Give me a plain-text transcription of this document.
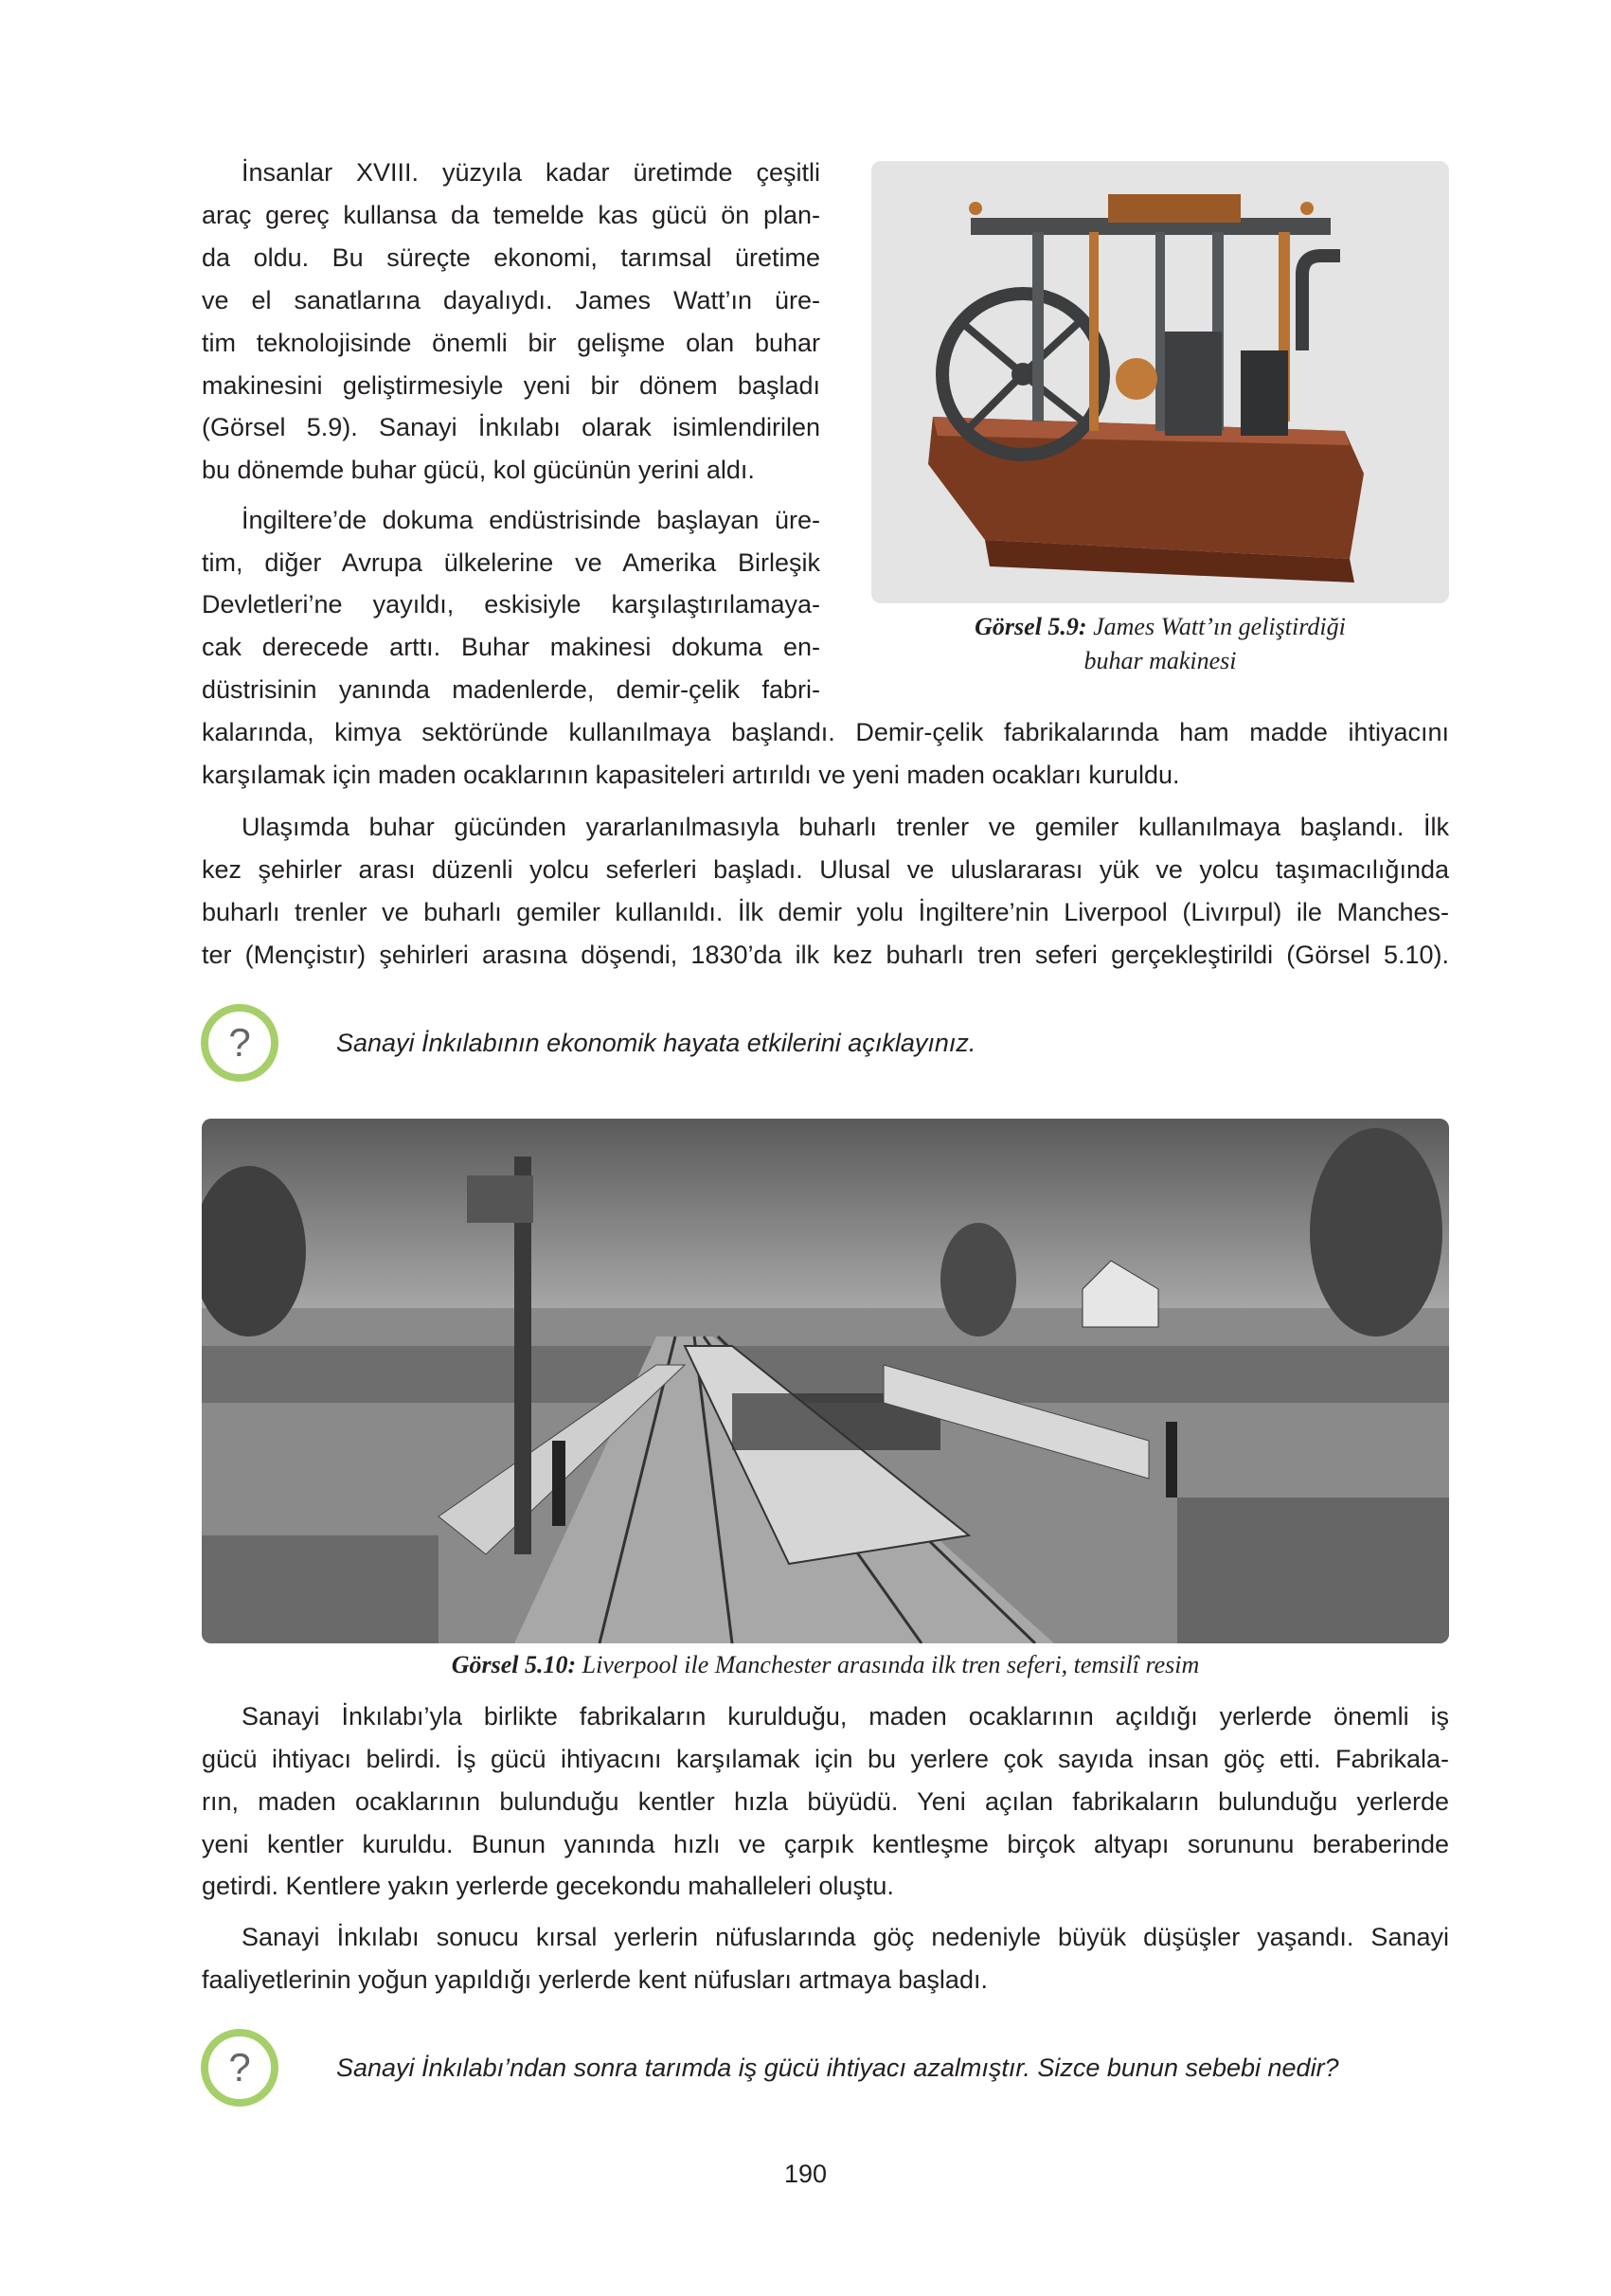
İnsanlar XVIII. yüzyıla kadar üretimde çeşitli
araç gereç kullansa da temelde kas gücü ön plan-
da oldu. Bu süreçte ekonomi, tarımsal üretime
ve el sanatlarına dayalıydı. James Watt’ın üre-
tim teknolojisinde önemli bir gelişme olan buhar
makinesini geliştirmesiyle yeni bir dönem başladı
(Görsel 5.9). Sanayi İnkılabı olarak isimlendirilen
bu dönemde buhar gücü, kol gücünün yerini aldı.
İngiltere’de dokuma endüstrisinde başlayan üre-
tim, diğer Avrupa ülkelerine ve Amerika Birleşik
Devletleri’ne yayıldı, eskisiyle karşılaştırılamaya-
cak derecede arttı. Buhar makinesi dokuma en-
düstrisinin yanında madenlerde, demir-çelik fabri-
kalarında, kimya sektöründe kullanılmaya başlandı. Demir-çelik fabrikalarında ham madde ihtiyacını
karşılamak için maden ocaklarının kapasiteleri artırıldı ve yeni maden ocakları kuruldu.
Ulaşımda buhar gücünden yararlanılmasıyla buharlı trenler ve gemiler kullanılmaya başlandı. İlk
kez şehirler arası düzenli yolcu seferleri başladı. Ulusal ve uluslararası yük ve yolcu taşımacılığında
buharlı trenler ve buharlı gemiler kullanıldı. İlk demir yolu İngiltere’nin Liverpool (Livırpul) ile Manches-
ter (Mençistır) şehirleri arasına döşendi, 1830’da ilk kez buharlı tren seferi gerçekleştirildi (Görsel 5.10).
Sanayi İnkılabı’yla birlikte fabrikaların kurulduğu, maden ocaklarının açıldığı yerlerde önemli iş
gücü ihtiyacı belirdi. İş gücü ihtiyacını karşılamak için bu yerlere çok sayıda insan göç etti. Fabrikala-
rın, maden ocaklarının bulunduğu kentler hızla büyüdü. Yeni açılan fabrikaların bulunduğu yerlerde
yeni kentler kuruldu. Bunun yanında hızlı ve çarpık kentleşme birçok altyapı sorununu beraberinde
getirdi. Kentlere yakın yerlerde gecekondu mahalleleri oluştu.
Sanayi İnkılabı sonucu kırsal yerlerin nüfuslarında göç nedeniyle büyük düşüşler yaşandı. Sanayi
faaliyetlerinin yoğun yapıldığı yerlerde kent nüfusları artmaya başladı.
Görsel 5.9: James Watt’ın geliştirdiği
buhar makinesi
?	Sanayi İnkılabının ekonomik hayata etkilerini açıklayınız.
Görsel 5.10: Liverpool ile Manchester arasında ilk tren seferi, temsilî resim
?	Sanayi İnkılabı’ndan sonra tarımda iş gücü ihtiyacı azalmıştır. Sizce bunun sebebi nedir?
190
